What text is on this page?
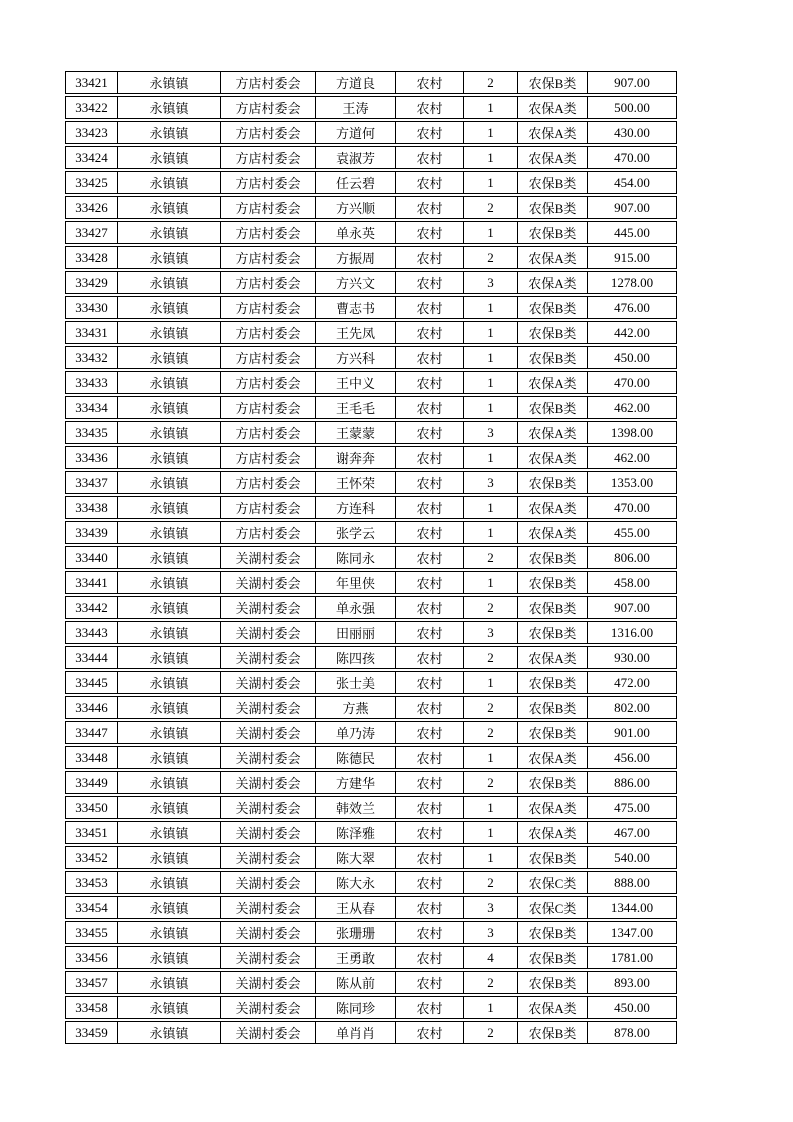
33421	永镇镇	方店村委会	方道良	农村	2	农保B类	907.00
33422	永镇镇	方店村委会	王涛	农村	1	农保A类	500.00
33423	永镇镇	方店村委会	方道何	农村	1	农保A类	430.00
33424	永镇镇	方店村委会	袁淑芳	农村	1	农保A类	470.00
33425	永镇镇	方店村委会	任云碧	农村	1	农保B类	454.00
33426	永镇镇	方店村委会	方兴顺	农村	2	农保B类	907.00
33427	永镇镇	方店村委会	单永英	农村	1	农保B类	445.00
33428	永镇镇	方店村委会	方振周	农村	2	农保A类	915.00
33429	永镇镇	方店村委会	方兴文	农村	3	农保A类	1278.00
33430	永镇镇	方店村委会	曹志书	农村	1	农保B类	476.00
33431	永镇镇	方店村委会	王先凤	农村	1	农保B类	442.00
33432	永镇镇	方店村委会	方兴科	农村	1	农保B类	450.00
33433	永镇镇	方店村委会	王中义	农村	1	农保A类	470.00
33434	永镇镇	方店村委会	王毛毛	农村	1	农保B类	462.00
33435	永镇镇	方店村委会	王蒙蒙	农村	3	农保A类	1398.00
33436	永镇镇	方店村委会	谢奔奔	农村	1	农保A类	462.00
33437	永镇镇	方店村委会	王怀荣	农村	3	农保B类	1353.00
33438	永镇镇	方店村委会	方连科	农村	1	农保A类	470.00
33439	永镇镇	方店村委会	张学云	农村	1	农保A类	455.00
33440	永镇镇	关湖村委会	陈同永	农村	2	农保B类	806.00
33441	永镇镇	关湖村委会	年里侠	农村	1	农保B类	458.00
33442	永镇镇	关湖村委会	单永强	农村	2	农保B类	907.00
33443	永镇镇	关湖村委会	田丽丽	农村	3	农保B类	1316.00
33444	永镇镇	关湖村委会	陈四孩	农村	2	农保A类	930.00
33445	永镇镇	关湖村委会	张士美	农村	1	农保B类	472.00
33446	永镇镇	关湖村委会	方燕	农村	2	农保B类	802.00
33447	永镇镇	关湖村委会	单乃涛	农村	2	农保B类	901.00
33448	永镇镇	关湖村委会	陈德民	农村	1	农保A类	456.00
33449	永镇镇	关湖村委会	方建华	农村	2	农保B类	886.00
33450	永镇镇	关湖村委会	韩效兰	农村	1	农保A类	475.00
33451	永镇镇	关湖村委会	陈泽雅	农村	1	农保A类	467.00
33452	永镇镇	关湖村委会	陈大翠	农村	1	农保B类	540.00
33453	永镇镇	关湖村委会	陈大永	农村	2	农保C类	888.00
33454	永镇镇	关湖村委会	王从春	农村	3	农保C类	1344.00
33455	永镇镇	关湖村委会	张珊珊	农村	3	农保B类	1347.00
33456	永镇镇	关湖村委会	王勇敢	农村	4	农保B类	1781.00
33457	永镇镇	关湖村委会	陈从前	农村	2	农保B类	893.00
33458	永镇镇	关湖村委会	陈同珍	农村	1	农保A类	450.00
33459	永镇镇	关湖村委会	单肖肖	农村	2	农保B类	878.00
